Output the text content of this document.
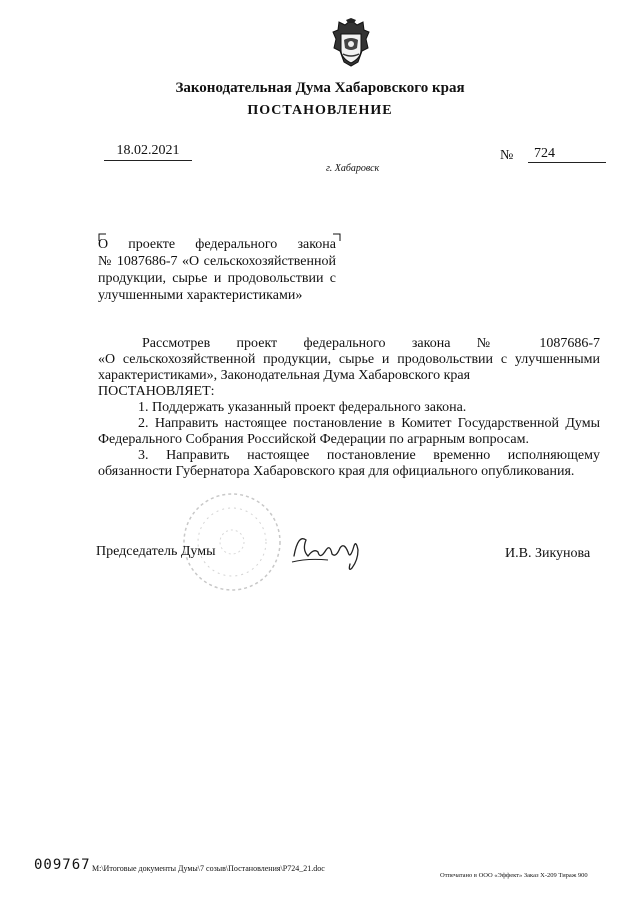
Законодательная Дума Хабаровского края
ПОСТАНОВЛЕНИЕ
18.02.2021	№	724
г. Хабаровск
О проекте федерального закона
№ 1087686-7 «О сельскохозяйственной
продукции, сырье и продовольствии с
улучшенными характеристиками»

Рассмотрев проект федерального закона № 1087686-7

«О сельскохозяйственной продукции, сырье и продовольствии с улучшенными

характеристиками», Законодательная Дума Хабаровского края

ПОСТАНОВЛЯЕТ:

1. Поддержать указанный проект федерального закона.

2. Направить настоящее постановление в Комитет Государственной Думы Федерального Собрания Российской Федерации по аграрным вопросам.

3. Направить настоящее постановление временно исполняющему обязанности Губернатора Хабаровского края для официального опубликования.

Председатель Думы	И.В. Зикунова
009767 M:\Итоговые документы Думы\7 созыв\Постановления\Р724_21.doc
Отпечатано в ООО «Эффект» Заказ Х-209 Тираж 900
